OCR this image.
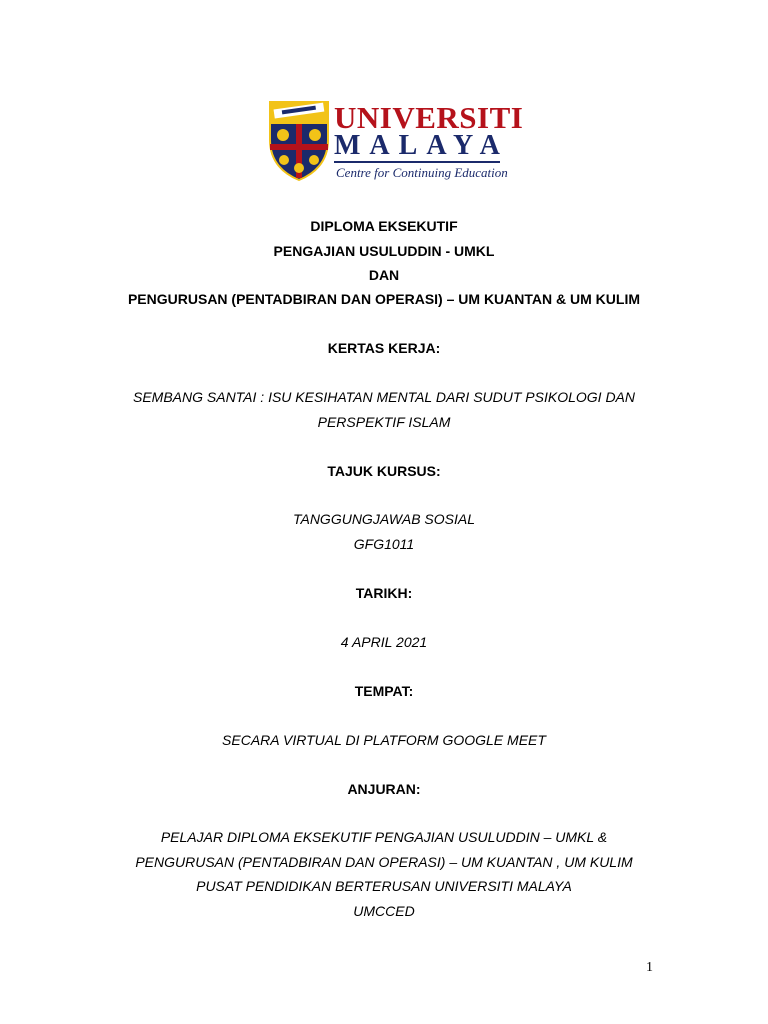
UNIVERSITI

MALAYA

Centre for Continuing Education

DIPLOMA EKSEKUTIF

PENGAJIAN USULUDDIN - UMKL

DAN

PENGURUSAN (PENTADBIRAN DAN OPERASI) – UM KUANTAN & UM KULIM

KERTAS KERJA:

SEMBANG SANTAI : ISU KESIHATAN MENTAL DARI SUDUT PSIKOLOGI DAN

PERSPEKTIF ISLAM

TAJUK KURSUS:

TANGGUNGJAWAB SOSIAL

GFG1011

TARIKH:

4 APRIL 2021

TEMPAT:

SECARA VIRTUAL DI PLATFORM GOOGLE MEET

ANJURAN:

PELAJAR DIPLOMA EKSEKUTIF PENGAJIAN USULUDDIN – UMKL &

PENGURUSAN (PENTADBIRAN DAN OPERASI) – UM KUANTAN , UM KULIM

PUSAT PENDIDIKAN BERTERUSAN UNIVERSITI MALAYA

UMCCED

1
